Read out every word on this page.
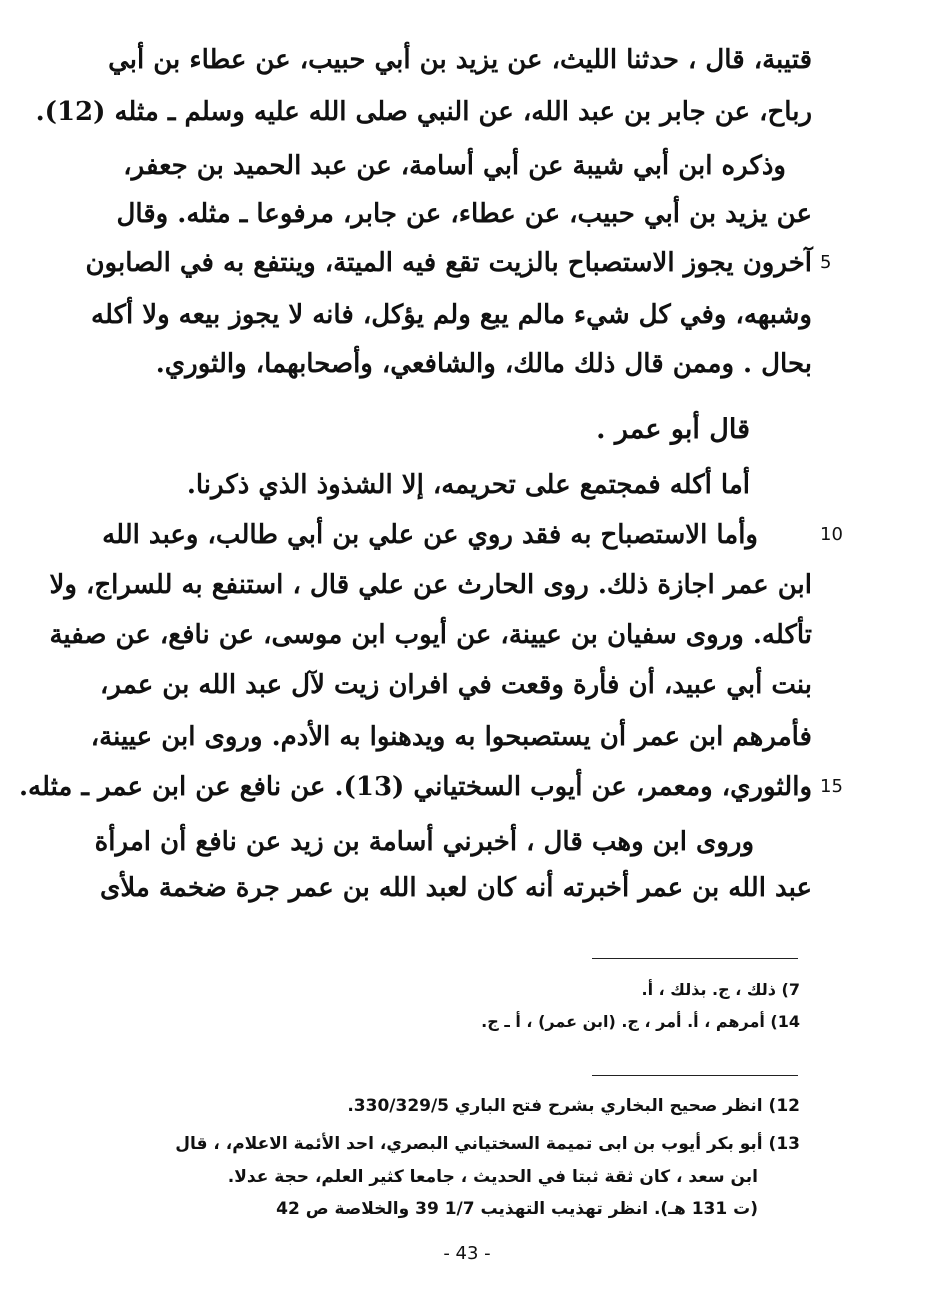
قتيبة، قال ، حدثنا الليث، عن يزيد بن أبي حبيب، عن عطاء بن أبي
رباح، عن جابر بن عبد الله، عن النبي صلى الله عليه وسلم ـ مثله (12).
وذكره ابن أبي شيبة عن أبي أسامة، عن عبد الحميد بن جعفر،
عن يزيد بن أبي حبيب، عن عطاء، عن جابر، مرفوعا ـ مثله. وقال
آخرون يجوز الاستصباح بالزيت تقع فيه الميتة، وينتفع به في الصابون
وشبهه، وفي كل شيء مالم يبع ولم يؤكل، فانه لا يجوز بيعه ولا أكله
بحال . وممن قال ذلك مالك، والشافعي، وأصحابهما، والثوري.
قال أبو عمر .
أما أكله فمجتمع على تحريمه، إلا الشذوذ الذي ذكرنا.
وأما الاستصباح به فقد روي عن علي بن أبي طالب، وعبد الله
ابن عمر اجازة ذلك. روى الحارث عن علي قال ، استنفع به للسراج، ولا
تأكله. وروى سفيان بن عيينة، عن أيوب ابن موسى، عن نافع، عن صفية
بنت أبي عبيد، أن فأرة وقعت في افران زيت لآل عبد الله بن عمر،
فأمرهم ابن عمر أن يستصبحوا به ويدهنوا به الأدم. وروى ابن عيينة،
والثوري، ومعمر، عن أيوب السختياني (13). عن نافع عن ابن عمر ـ مثله.
وروى ابن وهب قال ، أخبرني أسامة بن زيد عن نافع أن امرأة
عبد الله بن عمر أخبرته أنه كان لعبد الله بن عمر جرة ضخمة ملأى
5
10
15
7) ذلك ، ج. بذلك ، أ.
14) أمرهم ، أ. أمر ، ج. (ابن عمر) ، أ ـ ج.
12) انظر صحيح البخاري بشرح فتح الباري 330/329/5.
13) أبو بكر أيوب بن ابى تميمة السختياني البصري، احد الأئمة الاعلام، ، قال
ابن سعد ، كان ثقة ثبتا في الحديث ، جامعا كثير العلم، حجة عدلا.
(ت 131 هـ). انظر تهذيب التهذيب 1/7 39 والخلاصة ص 42
- 43 -
